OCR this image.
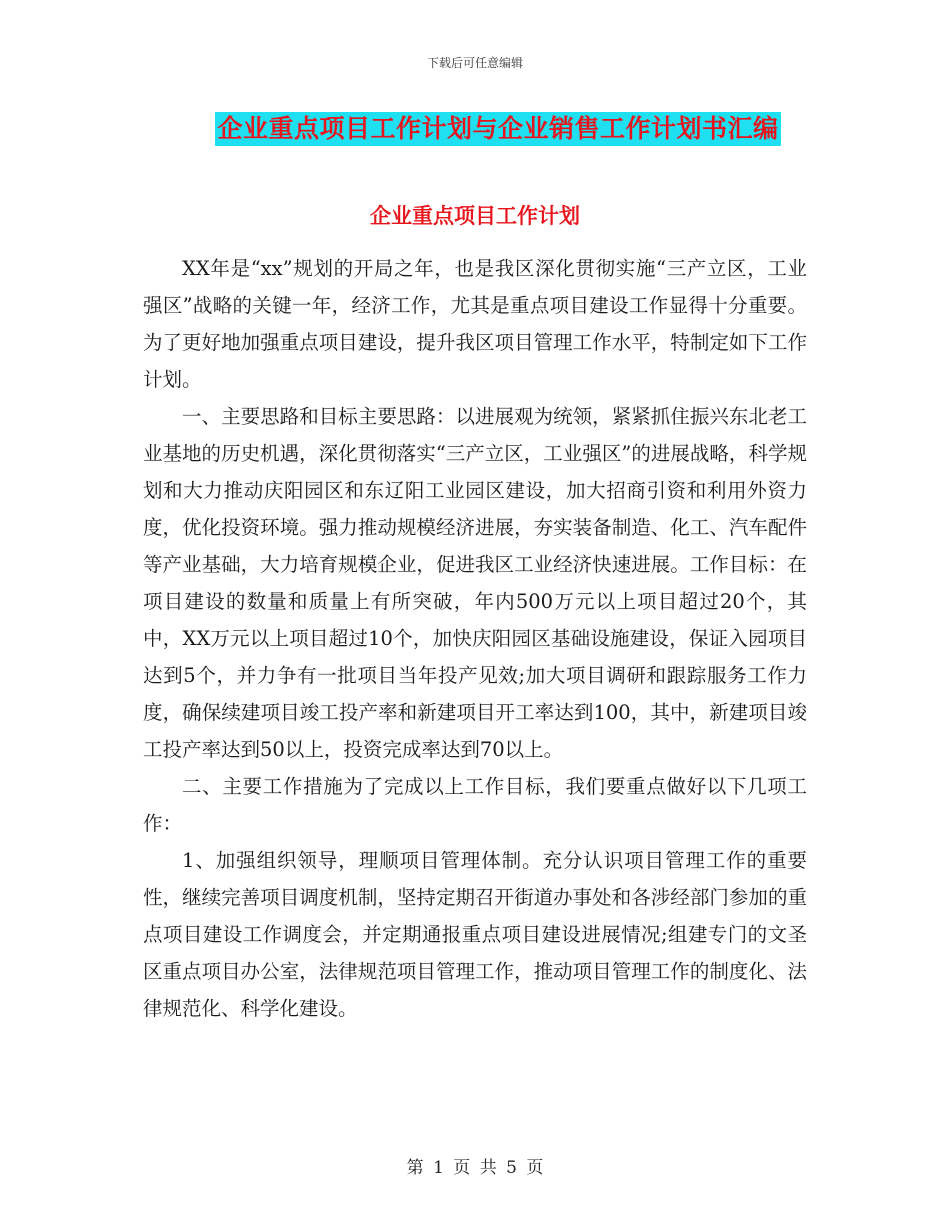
下载后可任意编辑
企业重点项目工作计划与企业销售工作计划书汇编
企业重点项目工作计划

XX年是“xx”规划的开局之年，也是我区深化贯彻实施“三产立区，工业强区”战略的关键一年，经济工作，尤其是重点项目建设工作显得十分重要。为了更好地加强重点项目建设，提升我区项目管理工作水平，特制定如下工作计划。

一、主要思路和目标主要思路：以进展观为统领，紧紧抓住振兴东北老工业基地的历史机遇，深化贯彻落实“三产立区，工业强区”的进展战略，科学规划和大力推动庆阳园区和东辽阳工业园区建设，加大招商引资和利用外资力度，优化投资环境。强力推动规模经济进展，夯实装备制造、化工、汽车配件等产业基础，大力培育规模企业，促进我区工业经济快速进展。工作目标：在项目建设的数量和质量上有所突破，年内500万元以上项目超过20个，其中，XX万元以上项目超过10个，加快庆阳园区基础设施建设，保证入园项目达到5个，并力争有一批项目当年投产见效;加大项目调研和跟踪服务工作力度，确保续建项目竣工投产率和新建项目开工率达到100，其中，新建项目竣工投产率达到50以上，投资完成率达到70以上。

二、主要工作措施为了完成以上工作目标，我们要重点做好以下几项工作：

1、加强组织领导，理顺项目管理体制。充分认识项目管理工作的重要性，继续完善项目调度机制，坚持定期召开街道办事处和各涉经部门参加的重点项目建设工作调度会，并定期通报重点项目建设进展情况;组建专门的文圣区重点项目办公室，法律规范项目管理工作，推动项目管理工作的制度化、法律规范化、科学化建设。

第 1 页 共 5 页
